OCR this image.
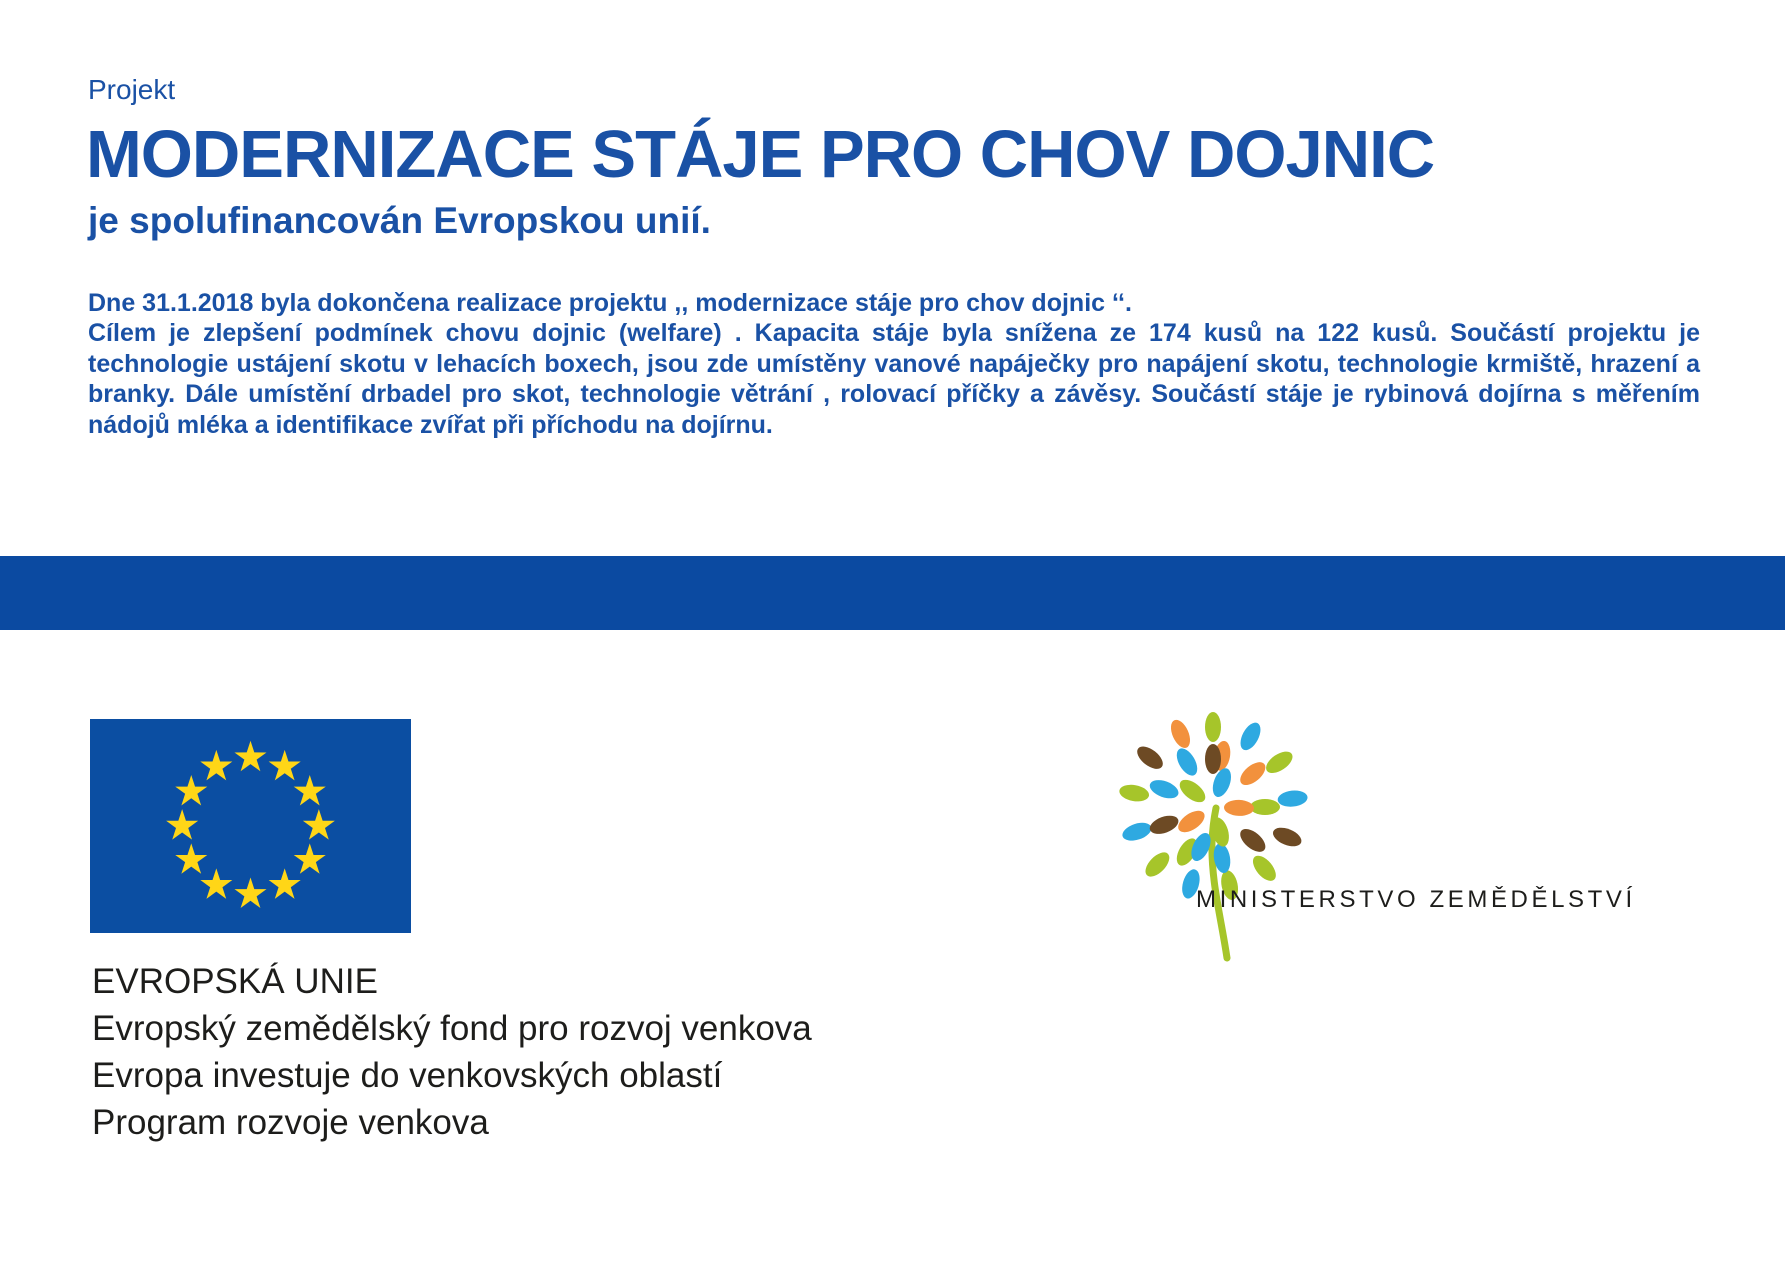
Projekt
MODERNIZACE STÁJE PRO CHOV DOJNIC
je spolufinancován Evropskou unií.

Dne 31.1.2018 byla dokončena realizace projektu ,, modernizace stáje pro chov dojnic ‘‘.

Cílem je zlepšení podmínek chovu dojnic (welfare) . Kapacita stáje byla snížena ze 174 kusů na 122 kusů. Součástí projektu je technologie ustájení skotu v lehacích boxech, jsou zde umístěny vanové napáječky pro napájení skotu, technologie krmiště, hrazení a branky. Dále umístění drbadel pro skot, technologie větrání , rolovací příčky a závěsy. Součástí stáje je rybinová dojírna s měřením nádojů mléka a identifikace zvířat při příchodu na dojírnu.

EVROPSKÁ UNIE
Evropský zemědělský fond pro rozvoj venkova
Evropa investuje do venkovských oblastí
Program rozvoje venkova
MINISTERSTVO ZEMĚDĚLSTVÍ
